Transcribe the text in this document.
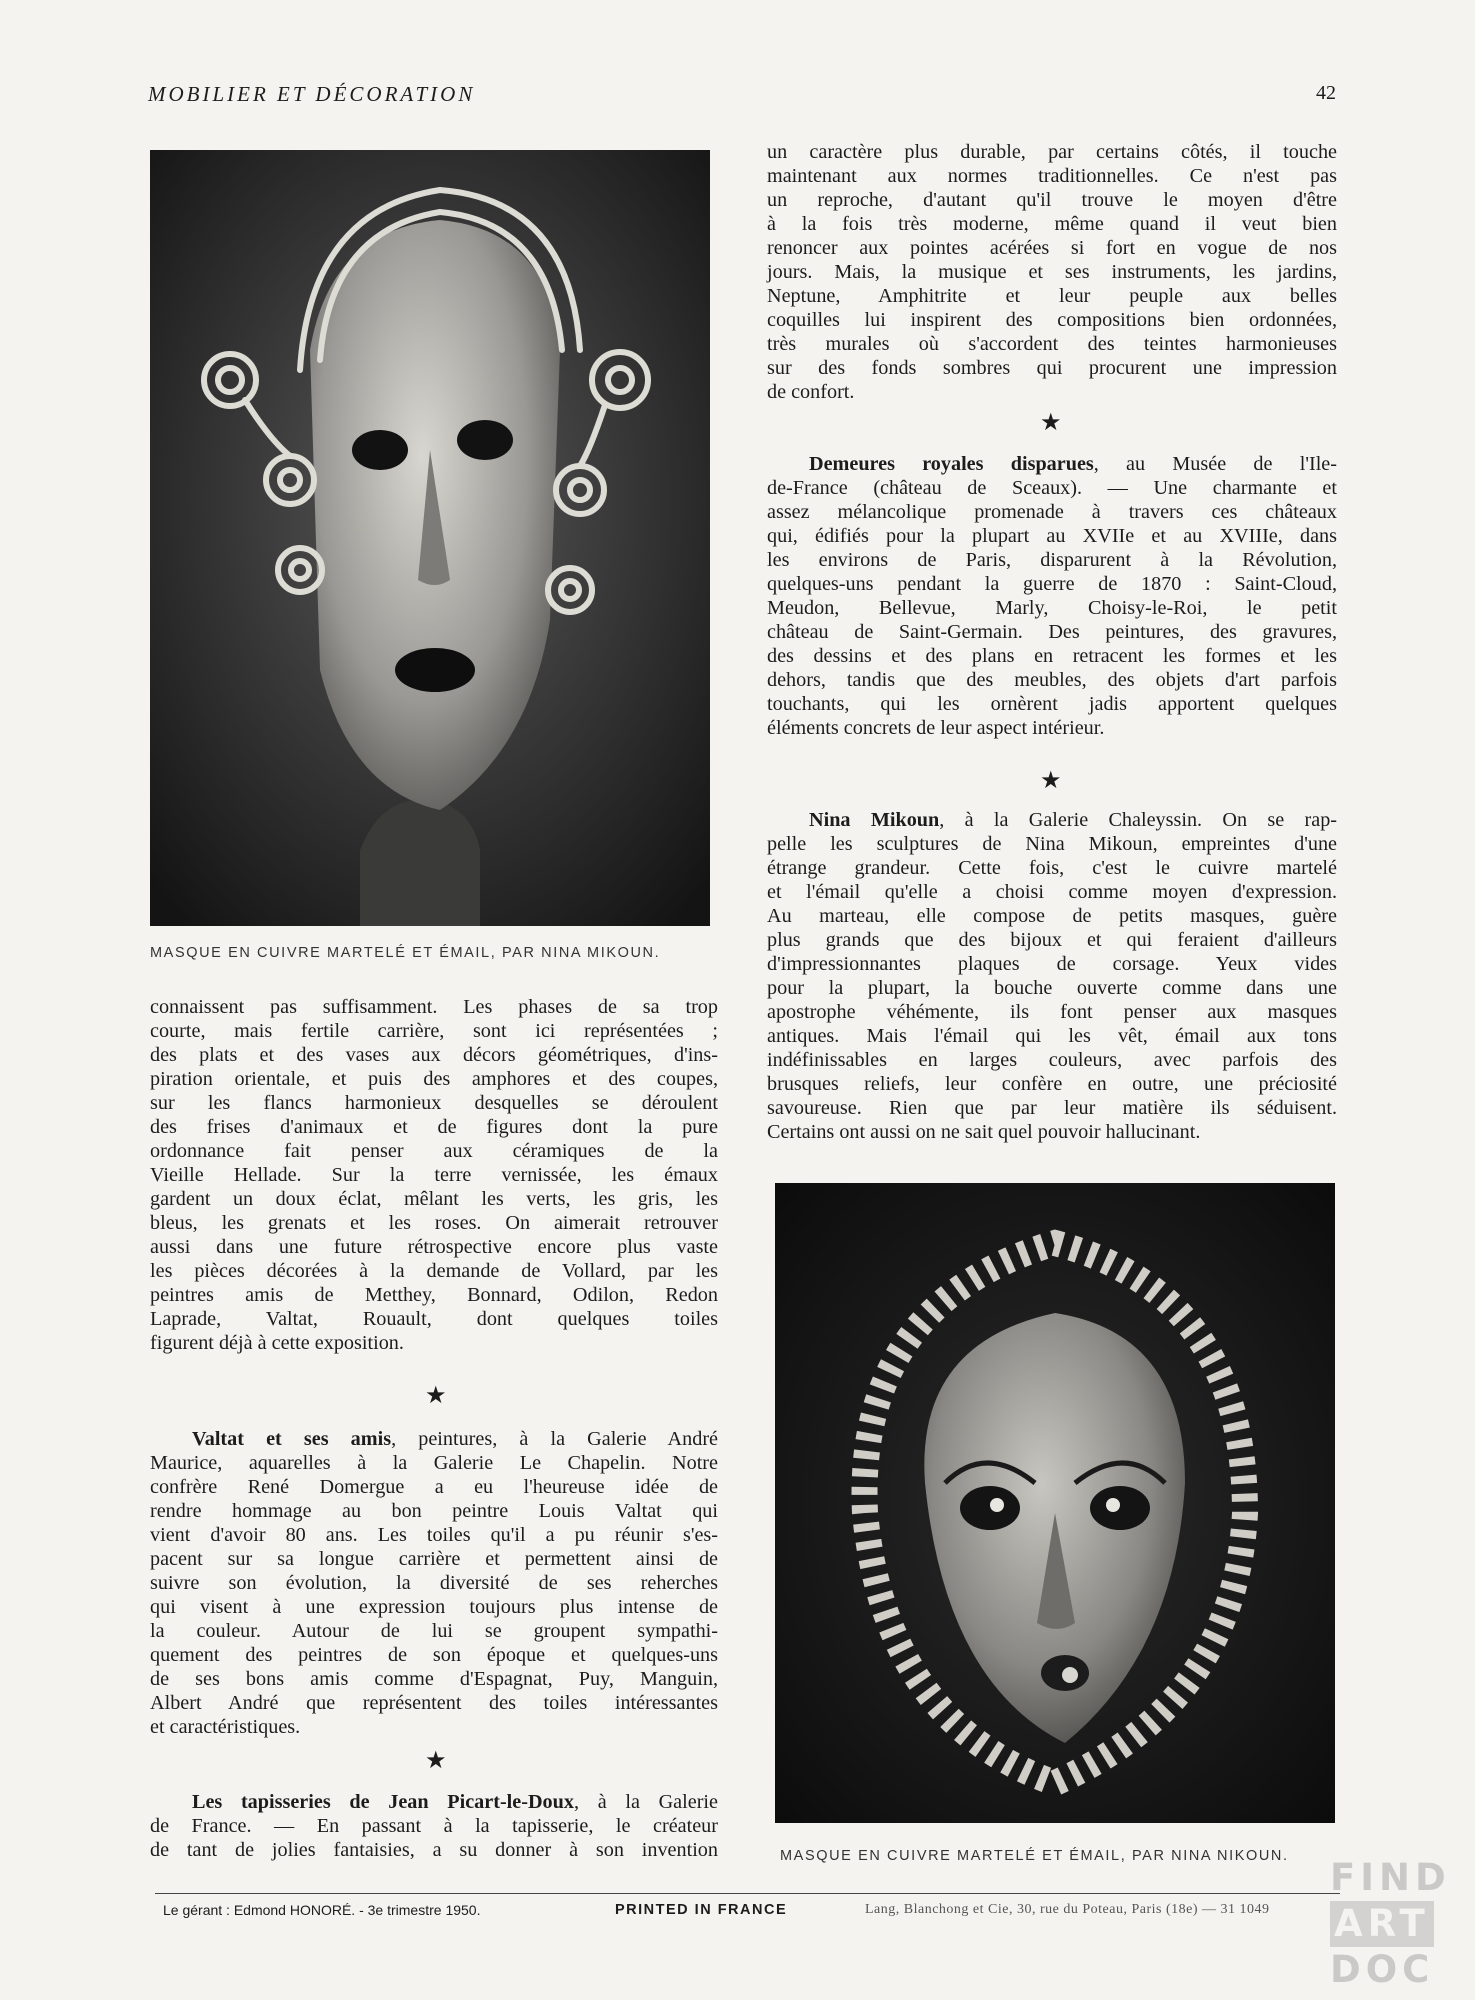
MOBILIER ET DÉCORATION	42
MASQUE EN CUIVRE MARTELÉ ET ÉMAIL, PAR NINA MIKOUN.
MASQUE EN CUIVRE MARTELÉ ET ÉMAIL, PAR NINA NIKOUN.

connaissent pas suffisamment. Les phases de sa trop
courte, mais fertile carrière, sont ici représentées ;
des plats et des vases aux décors géométriques, d'ins-
piration orientale, et puis des amphores et des coupes,
sur les flancs harmonieux desquelles se déroulent
des frises d'animaux et de figures dont la pure
ordonnance fait penser aux céramiques de la
Vieille Hellade. Sur la terre vernissée, les émaux
gardent un doux éclat, mêlant les verts, les gris, les
bleus, les grenats et les roses. On aimerait retrouver
aussi dans une future rétrospective encore plus vaste
les pièces décorées à la demande de Vollard, par les
peintres amis de Metthey, Bonnard, Odilon, Redon
Laprade, Valtat, Rouault, dont quelques toiles
figurent déjà à cette exposition.

★

Valtat et ses amis, peintures, à la Galerie André

Maurice, aquarelles à la Galerie Le Chapelin. Notre
confrère René Domergue a eu l'heureuse idée de
rendre hommage au bon peintre Louis Valtat qui
vient d'avoir 80 ans. Les toiles qu'il a pu réunir s'es-
pacent sur sa longue carrière et permettent ainsi de
suivre son évolution, la diversité de ses reherches
qui visent à une expression toujours plus intense de
la couleur. Autour de lui se groupent sympathi-
quement des peintres de son époque et quelques-uns
de ses bons amis comme d'Espagnat, Puy, Manguin,
Albert André que représentent des toiles intéressantes
et caractéristiques.
★

Les tapisseries de Jean Picart-le-Doux, à la Galerie

de France. — En passant à la tapisserie, le créateur
de tant de jolies fantaisies, a su donner à son invention

un caractère plus durable, par certains côtés, il touche
maintenant aux normes traditionnelles. Ce n'est pas
un reproche, d'autant qu'il trouve le moyen d'être
à la fois très moderne, même quand il veut bien
renoncer aux pointes acérées si fort en vogue de nos
jours. Mais, la musique et ses instruments, les jardins,
Neptune, Amphitrite et leur peuple aux belles
coquilles lui inspirent des compositions bien ordonnées,
très murales où s'accordent des teintes harmonieuses
sur des fonds sombres qui procurent une impression
de confort.

★

Demeures royales disparues, au Musée de l'Ile-

de-France (château de Sceaux). — Une charmante et
assez mélancolique promenade à travers ces châteaux
qui, édifiés pour la plupart au XVIIe et au XVIIIe, dans
les environs de Paris, disparurent à la Révolution,
quelques-uns pendant la guerre de 1870 : Saint-Cloud,
Meudon, Bellevue, Marly, Choisy-le-Roi, le petit
château de Saint-Germain. Des peintures, des gravures,
des dessins et des plans en retracent les formes et les
dehors, tandis que des meubles, des objets d'art parfois
touchants, qui les ornèrent jadis apportent quelques
éléments concrets de leur aspect intérieur.
★

Nina Mikoun, à la Galerie Chaleyssin. On se rap-

pelle les sculptures de Nina Mikoun, empreintes d'une
étrange grandeur. Cette fois, c'est le cuivre martelé
et l'émail qu'elle a choisi comme moyen d'expression.
Au marteau, elle compose de petits masques, guère
plus grands que des bijoux et qui feraient d'ailleurs
d'impressionnantes plaques de corsage. Yeux vides
pour la plupart, la bouche ouverte comme dans une
apostrophe véhémente, ils font penser aux masques
antiques. Mais l'émail qui les vêt, émail aux tons
indéfinissables en larges couleurs, avec parfois des
brusques reliefs, leur confère en outre, une préciosité
savoureuse. Rien que par leur matière ils séduisent.
Certains ont aussi on ne sait quel pouvoir hallucinant.
Le gérant : Edmond HONORÉ. - 3e trimestre 1950.	PRINTED IN FRANCE	Lang, Blanchong et Cie, 30, rue du Poteau, Paris (18e) — 31 1049
FIND
ART
DOC
